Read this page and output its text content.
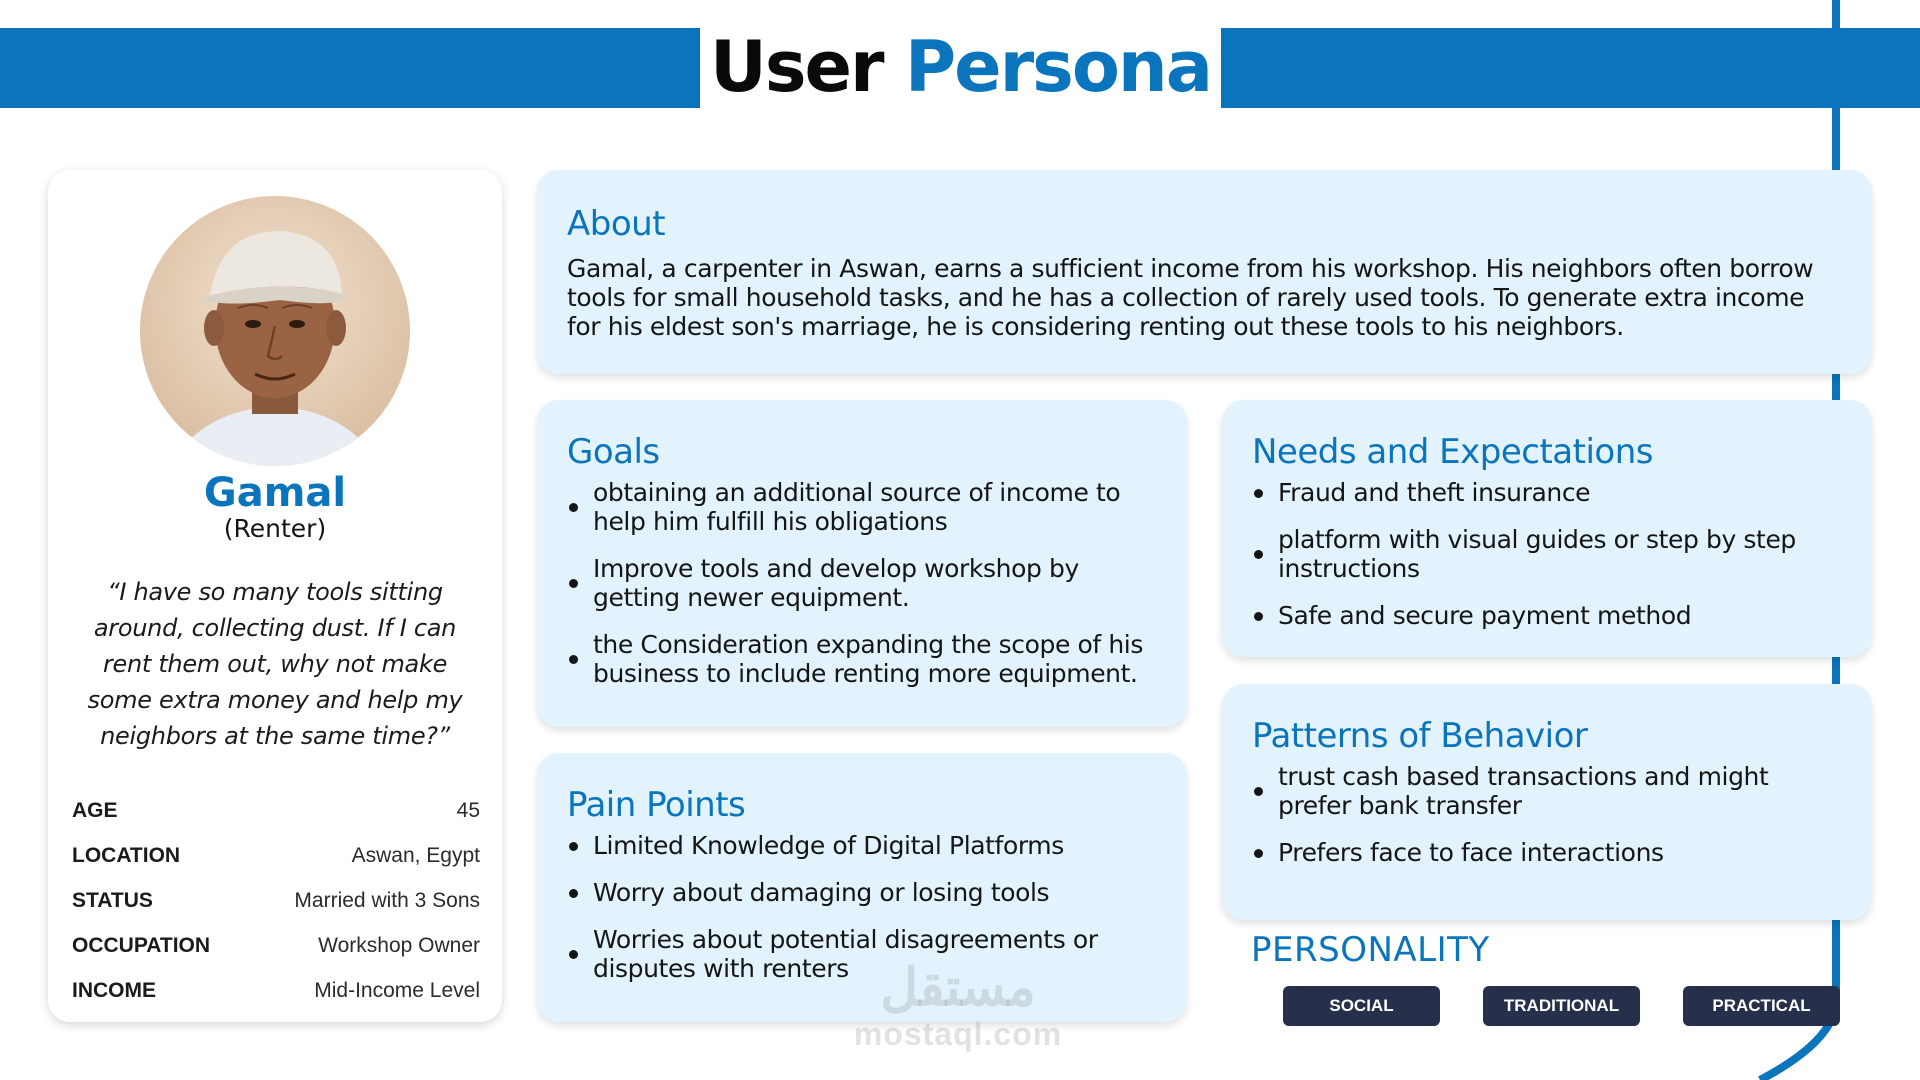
User Persona
Gamal
(Renter)
“I have so many tools sitting around, collecting dust. If I can rent them out, why not make some extra money and help my neighbors at the same time?”
AGE	45
LOCATION	Aswan, Egypt
STATUS	Married with 3 Sons
OCCUPATION	Workshop Owner
INCOME	Mid-Income Level
About

Gamal, a carpenter in Aswan, earns a sufficient income from his workshop. His neighbors often borrow tools for small household tasks, and he has a collection of rarely used tools. To generate extra income for his eldest son's marriage, he is considering renting out these tools to his neighbors.

Goals
obtaining an additional source of income to help him fulfill his obligations
Improve tools and develop workshop by getting newer equipment.
the Consideration expanding the scope of his business to include renting more equipment.
Pain Points
Limited Knowledge of Digital Platforms
Worry about damaging or losing tools
Worries about potential disagreements or disputes with renters
Needs and Expectations
Fraud and theft insurance
platform with visual guides or step by step instructions
Safe and secure payment method
Patterns of Behavior
trust cash based transactions and might prefer bank transfer
Prefers face to face interactions
PERSONALITY
SOCIAL	TRADITIONAL	PRACTICAL
مستقل
mostaql.com
